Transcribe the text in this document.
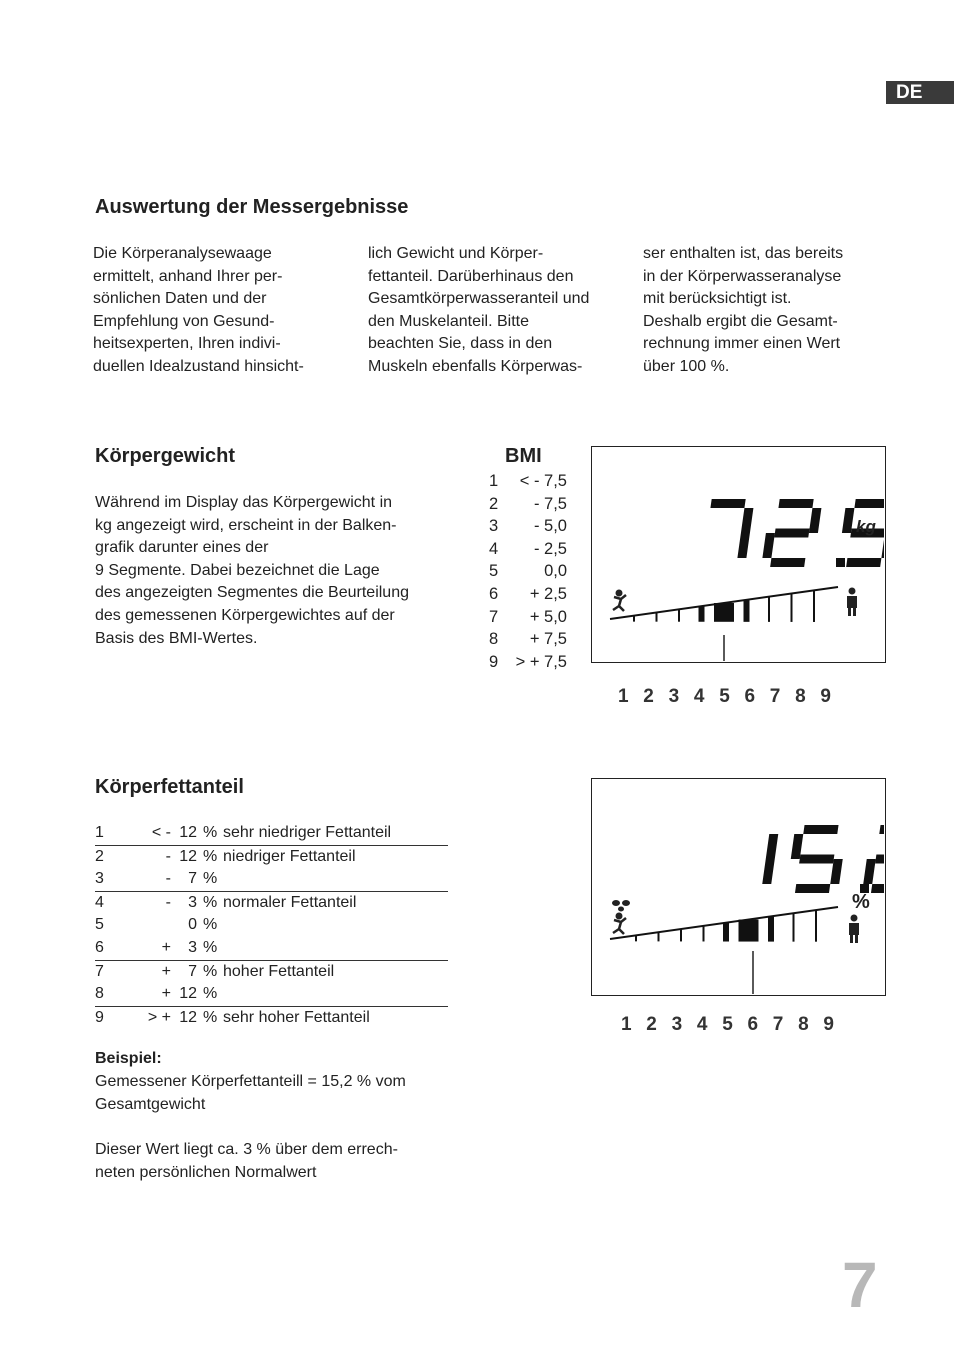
DE
Auswertung der Messergebnisse
Die Körperanalysewaage
ermittelt, anhand Ihrer per-
sönlichen Daten und der
Empfehlung von Gesund-
heitsexperten, Ihren indivi-
duellen Idealzustand hinsicht-
lich Gewicht und Körper-
fettanteil. Darüberhinaus den
Gesamtkörperwasseranteil und
den Muskelanteil. Bitte
beachten Sie, dass in den
Muskeln ebenfalls Körperwas-
ser enthalten ist, das bereits
in der Körperwasseranalyse
mit berücksichtigt ist.
Deshalb ergibt die Gesamt-
rechnung immer einen Wert
über 100 %.
Körpergewicht
Während im Display das Körpergewicht in
kg angezeigt wird, erscheint in der Balken-
grafik darunter eines der
9 Segmente. Dabei bezeichnet die Lage
des angezeigten Segmentes die Beurteilung
des gemessenen Körpergewichtes auf der
Basis des BMI-Wertes.
BMI
1	< - 7,5
2	- 7,5
3	- 5,0
4	- 2,5
5	0,0
6	+ 2,5
7	+ 5,0
8	+ 7,5
9	> + 7,5
kg
1 2 3 4 5 6 7 8 9
Körperfettanteil
1	< -	12	%	sehr niedriger Fettanteil
2	-	12	%	niedriger Fettanteil
3	-	7	%	
4	-	3	%	normaler Fettanteil
5		0	%	
6	+	3	%	
7	+	7	%	hoher Fettanteil
8	+	12	%	
9	> +	12	%	sehr hoher Fettanteil
Beispiel:
Gemessener Körperfettanteill = 15,2 % vom
Gesamtgewicht
Dieser Wert liegt ca. 3 % über dem errech-
neten persönlichen Normalwert
%
1 2 3 4 5 6 7 8 9
7
